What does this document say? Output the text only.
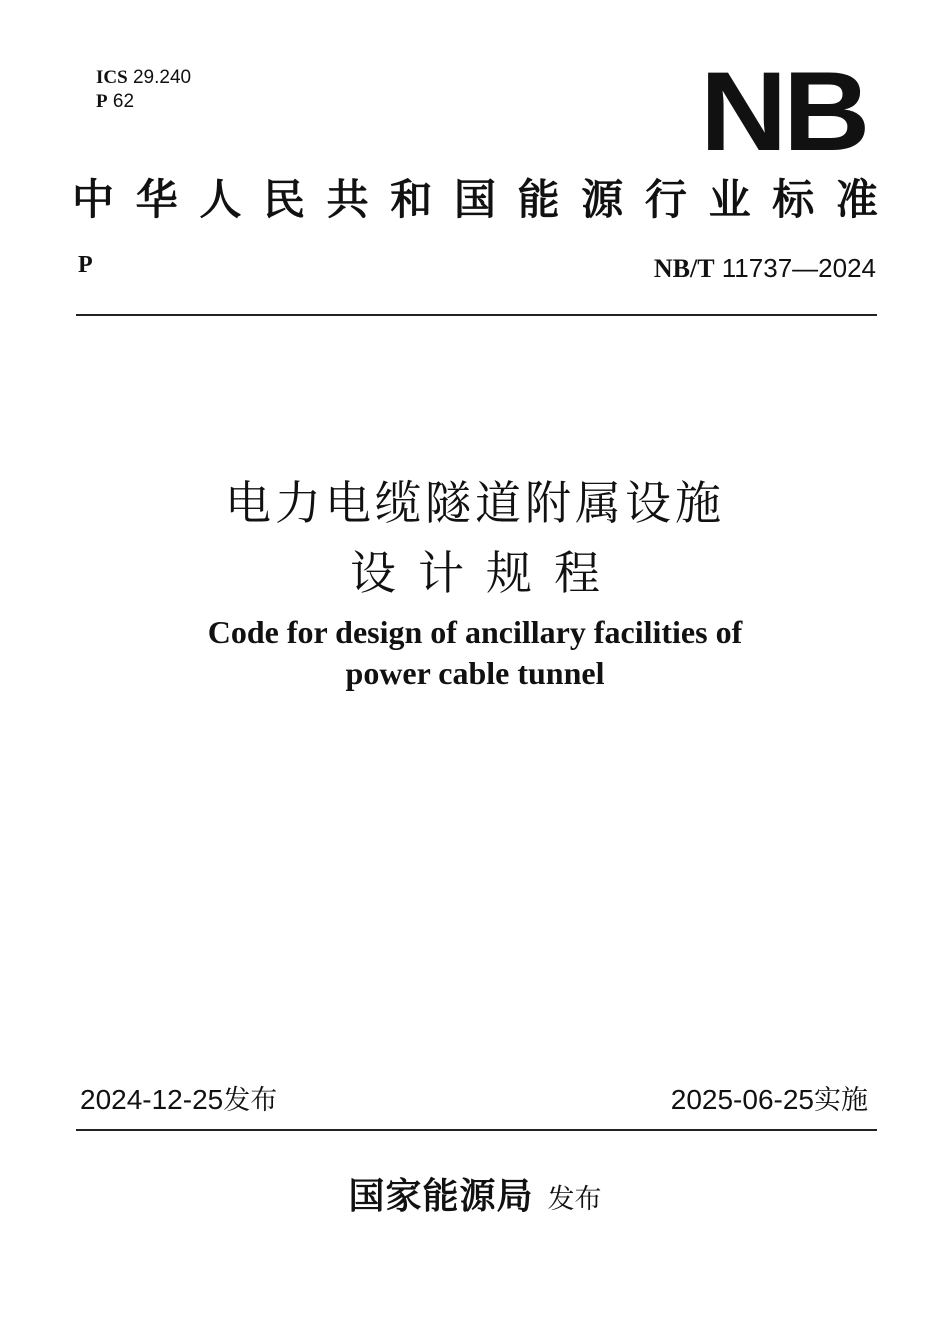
ICS 29.240
P 62	NB
中 华 人 民 共 和 国 能 源 行 业 标 准
P	NB/T 11737—2024
电力电缆隧道附属设施
设计规程
Code for design of ancillary facilities of
power cable tunnel
2024-12-25发布	2025-06-25实施
国家能源局 发布
